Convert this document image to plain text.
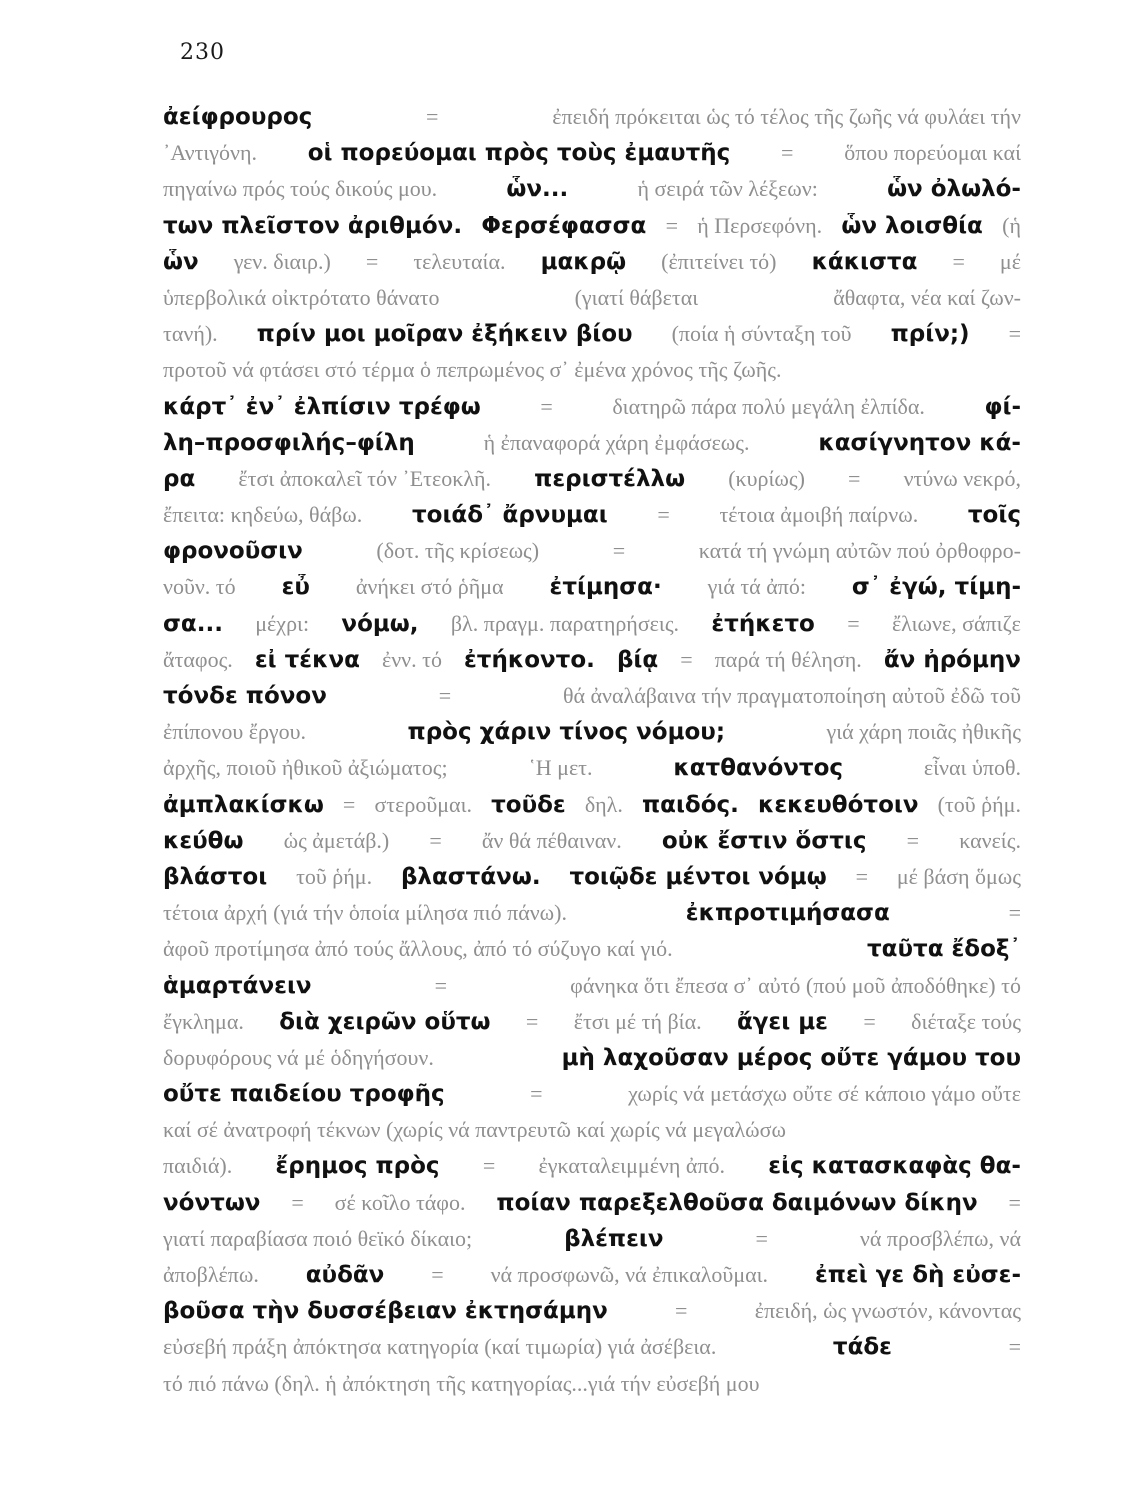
230
ἀείφρουρος	=	ἐπειδή πρόκειται ὡς τό τέλος τῆς ζωῆς νά φυλάει τήν
᾿Αντιγόνη. οἱ πορεύομαι πρὸς τοὺς ἐμαυτῆς = ὅπου πορεύομαι καί
πηγαίνω πρός τούς δικούς μου.	ὧν...	ἡ σειρά τῶν λέξεων:	ὧν ὀλωλό-
των πλεῖστον ἀριθμόν. Φερσέφασσα = ἡ Περσεφόνη. ὧν λοισθία (ἡ
ὧν γεν. διαιρ.) = τελευταία. μακρῷ (ἐπιτείνει τό) κάκιστα = μέ
ὑπερβολικά οἰκτρότατο θάνατο	(γιατί θάβεται	ἄθαφτα, νέα καί ζων-
τανή). πρίν μοι μοῖραν ἐξήκειν βίου (ποία ἡ σύνταξη τοῦ πρίν;) =
προτοῦ νά φτάσει στό τέρμα ὁ πεπρωμένος σ᾿ ἐμένα χρόνος τῆς ζωῆς.
κάρτ᾿ ἐν᾿ ἐλπίσιν τρέφω	=	διατηρῶ πάρα πολύ μεγάλη ἐλπίδα.	φί-
λη–προσφιλής–φίλη	ἡ ἐπαναφορά χάρη ἐμφάσεως.	κασίγνητον κά-
ρα ἔτσι ἀποκαλεῖ τόν ᾿Ετεοκλῆ. περιστέλλω (κυρίως) = ντύνω νεκρό,
ἔπειτα: κηδεύω, θάβω. τοιάδ᾿ ἄρνυμαι = τέτοια ἀμοιβή παίρνω. τοῖς
φρονοῦσιν	(δοτ. τῆς κρίσεως)	=	κατά τή γνώμη αὐτῶν πού ὀρθοφρο-
νοῦν. τό εὖ ἀνήκει στό ῥῆμα ἐτίμησα· γιά τά ἀπό: σ᾿ ἐγώ, τίμη-
σα... μέχρι: νόμω, βλ. πραγμ. παρατηρήσεις. ἐτήκετο = ἔλιωνε, σάπιζε
ἄταφος. εἰ τέκνα ἐνν. τό ἐτήκοντο. βίᾳ = παρά τή θέληση. ἄν ἠρόμην
τόνδε πόνον	=	θά ἀναλάβαινα τήν πραγματοποίηση αὐτοῦ ἐδῶ τοῦ
ἐπίπονου ἔργου.	πρὸς χάριν τίνος νόμου;	γιά χάρη ποιᾶς ἠθικῆς
ἀρχῆς, ποιοῦ ἠθικοῦ ἀξιώματος;	῾Η μετ.	κατθανόντος	εἶναι ὑποθ.
ἀμπλακίσκω = στεροῦμαι. τοῦδε δηλ. παιδός. κεκευθότοιν (τοῦ ῥήμ.
κεύθω ὡς ἀμετάβ.) = ἄν θά πέθαιναν. οὐκ ἔστιν ὅστις = κανείς.
βλάστοι τοῦ ῥήμ. βλαστάνω. τοιῷδε μέντοι νόμῳ = μέ βάση ὅμως
τέτοια ἀρχή (γιά τήν ὁποία μίλησα πιό πάνω).	ἐκπροτιμήσασα	=
ἀφοῦ προτίμησα ἀπό τούς ἄλλους, ἀπό τό σύζυγο καί γιό.	ταῦτα ἔδοξ᾿
ἁμαρτάνειν	=	φάνηκα ὅτι ἔπεσα σ᾿ αὐτό (πού μοῦ ἀποδόθηκε) τό
ἔγκλημα. διὰ χειρῶν οὕτω = ἔτσι μέ τή βία. ἄγει με = διέταξε τούς
δορυφόρους νά μέ ὁδηγήσουν.	μὴ λαχοῦσαν μέρος οὔτε γάμου του
οὔτε παιδείου τροφῆς	=	χωρίς νά μετάσχω οὔτε σέ κάποιο γάμο οὔτε
καί σέ ἀνατροφή τέκνων (χωρίς νά παντρευτῶ καί χωρίς νά μεγαλώσω
παιδιά). ἔρημος πρὸς = ἐγκαταλειμμένη ἀπό. εἰς κατασκαφὰς θα-
νόντων = σέ κοῖλο τάφο. ποίαν παρεξελθοῦσα δαιμόνων δίκην =
γιατί παραβίασα ποιό θεϊκό δίκαιο;	βλέπειν	=	νά προσβλέπω, νά
ἀποβλέπω. αὐδᾶν = νά προσφωνῶ, νά ἐπικαλοῦμαι. ἐπεὶ γε δὴ εὐσε-
βοῦσα τὴν δυσσέβειαν ἐκτησάμην	=	ἐπειδή, ὡς γνωστόν, κάνοντας
εὐσεβή πράξη ἀπόκτησα κατηγορία (καί τιμωρία) γιά ἀσέβεια.	τάδε	=
τό πιό πάνω (δηλ. ἡ ἀπόκτηση τῆς κατηγορίας...γιά τήν εὐσεβή μου
